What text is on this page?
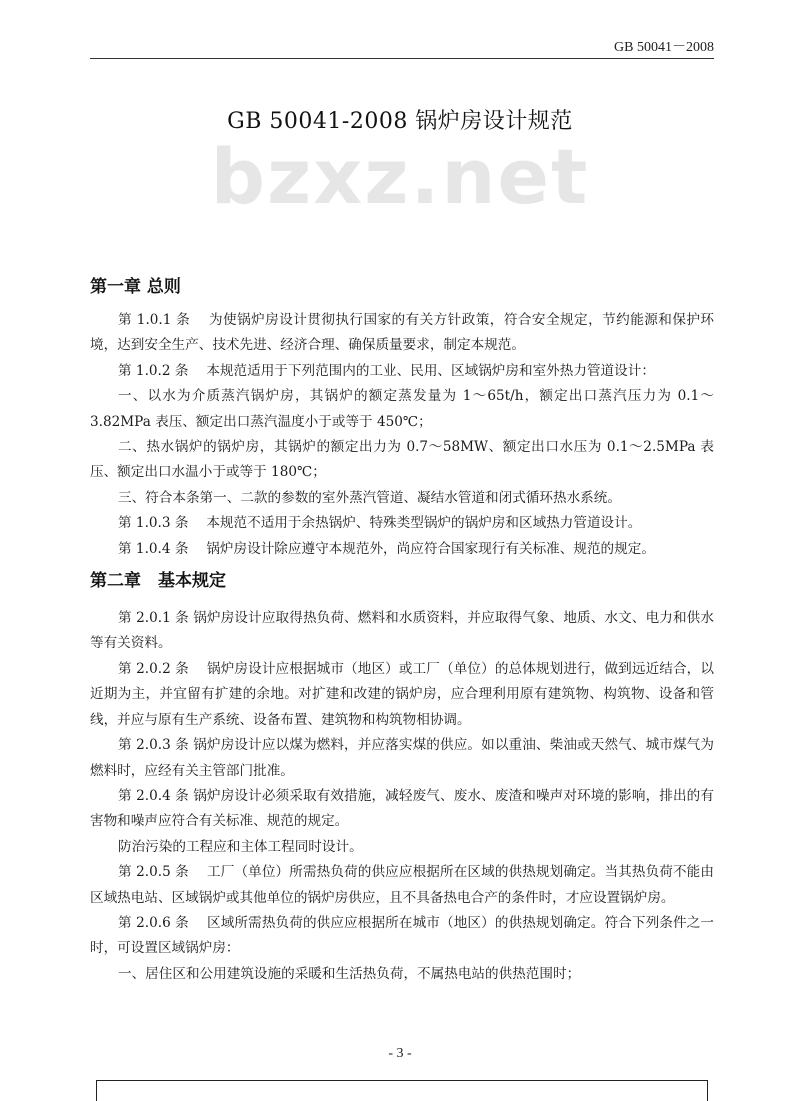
GB 50041－2008
GB 50041-2008 锅炉房设计规范
bzxz.net
第一章 总则

第 1.0.1 条　 为使锅炉房设计贯彻执行国家的有关方针政策，符合安全规定，节约能源和保护环境，达到安全生产、技术先进、经济合理、确保质量要求，制定本规范。

第 1.0.2 条　 本规范适用于下列范围内的工业、民用、区域锅炉房和室外热力管道设计：

一、以水为介质蒸汽锅炉房，其锅炉的额定蒸发量为 1～65t/h，额定出口蒸汽压力为 0.1～3.82MPa 表压、额定出口蒸汽温度小于或等于 450℃；

二、热水锅炉的锅炉房，其锅炉的额定出力为 0.7～58MW、额定出口水压为 0.1～2.5MPa 表压、额定出口水温小于或等于 180℃；

三、符合本条第一、二款的参数的室外蒸汽管道、凝结水管道和闭式循环热水系统。

第 1.0.3 条　 本规范不适用于余热锅炉、特殊类型锅炉的锅炉房和区域热力管道设计。

第 1.0.4 条　 锅炉房设计除应遵守本规范外，尚应符合国家现行有关标准、规范的规定。

第二章　基本规定

第 2.0.1 条 锅炉房设计应取得热负荷、燃料和水质资料，并应取得气象、地质、水文、电力和供水等有关资料。

第 2.0.2 条　 锅炉房设计应根据城市（地区）或工厂（单位）的总体规划进行，做到远近结合，以近期为主，并宜留有扩建的余地。对扩建和改建的锅炉房，应合理利用原有建筑物、构筑物、设备和管线，并应与原有生产系统、设备布置、建筑物和构筑物相协调。

第 2.0.3 条 锅炉房设计应以煤为燃料，并应落实煤的供应。如以重油、柴油或天然气、城市煤气为燃料时，应经有关主管部门批准。

第 2.0.4 条 锅炉房设计必须采取有效措施，减轻废气、废水、废渣和噪声对环境的影响，排出的有害物和噪声应符合有关标准、规范的规定。

防治污染的工程应和主体工程同时设计。

第 2.0.5 条　 工厂（单位）所需热负荷的供应应根据所在区域的供热规划确定。当其热负荷不能由区域热电站、区域锅炉或其他单位的锅炉房供应，且不具备热电合产的条件时，才应设置锅炉房。

第 2.0.6 条　 区域所需热负荷的供应应根据所在城市（地区）的供热规划确定。符合下列条件之一时，可设置区域锅炉房：

一、居住区和公用建筑设施的采暖和生活热负荷，不属热电站的供热范围时；

- 3 -
